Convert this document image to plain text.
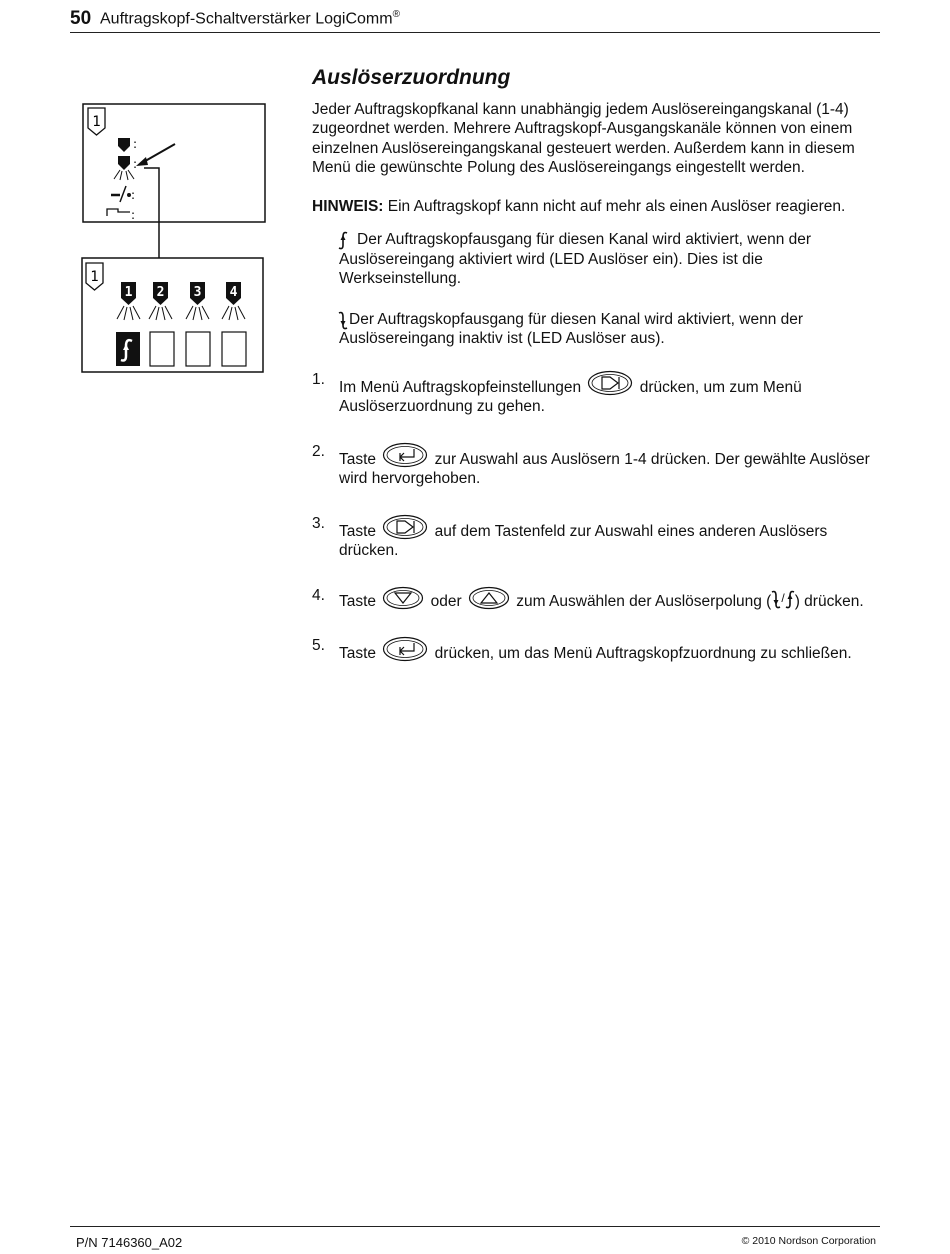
50 Auftragskopf-Schaltverstärker LogiComm®
1
:
:
:
:
1
1 2 3 4
Auslöserzuordnung

Jeder Auftragskopfkanal kann unabhängig jedem Auslösereingangskanal (1-4) zugeordnet werden. Mehrere Auftragskopf-Ausgangskanäle können von einem einzelnen Auslösereingangskanal gesteuert werden. Außerdem kann in diesem Menü die gewünschte Polung des Auslösereingangs eingestellt werden.

HINWEIS: Ein Auftragskopf kann nicht auf mehr als einen Auslöser reagieren.

Der Auftragskopfausgang für diesen Kanal wird aktiviert, wenn der Auslösereingang aktiviert wird (LED Auslöser ein). Dies ist die Werkseinstellung.

Der Auftragskopfausgang für diesen Kanal wird aktiviert, wenn der Auslösereingang inaktiv ist (LED Auslöser aus).

1. Im Menü Auftragskopfeinstellungen	drücken, um zum Menü Auslöserzuordnung zu gehen.
2. Taste	zur Auswahl aus Auslösern 1-4 drücken. Der gewählte Auslöser wird hervorgehoben.
3. Taste	auf dem Tastenfeld zur Auswahl eines anderen Auslösers drücken.
4. Taste	oder	zum Auswählen der Auslöserpolung ( / ) drücken.
5. Taste	drücken, um das Menü Auftragskopfzuordnung zu schließen.
P/N 7146360_A02	© 2010 Nordson Corporation
